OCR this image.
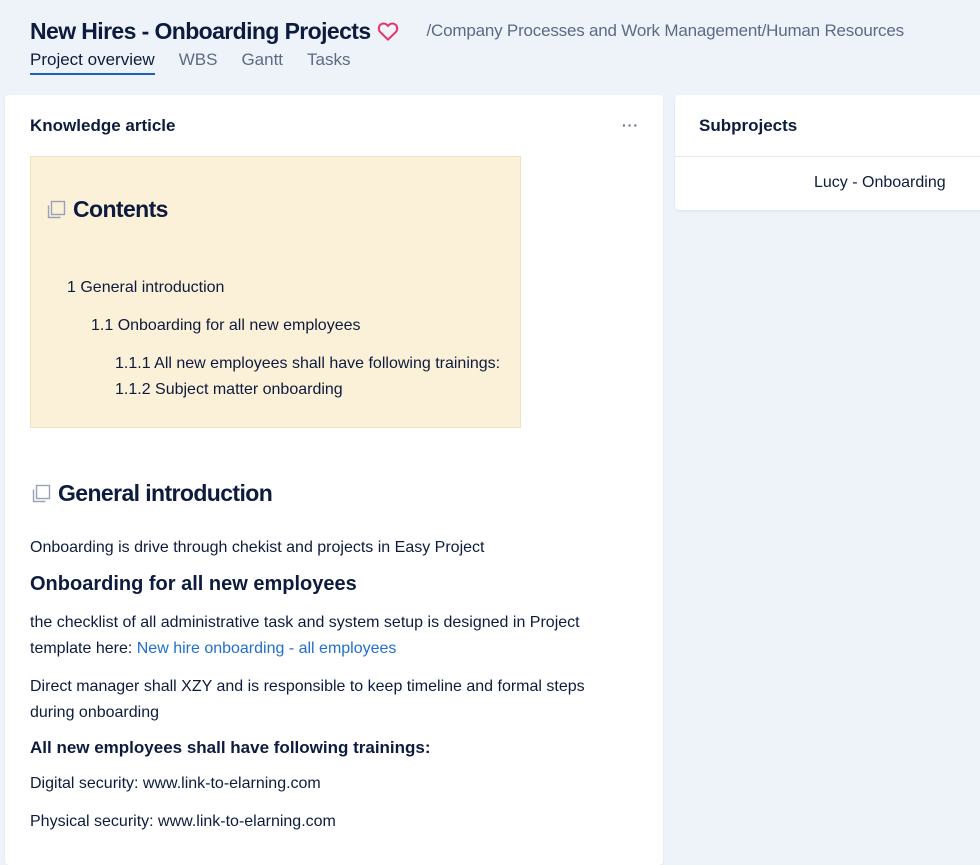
New Hires - Onboarding Projects	/Company Processes and Work Management/Human Resources
Project overview WBS Gantt Tasks
Knowledge article	···
Contents
1 General introduction
1.1 Onboarding for all new employees
1.1.1 All new employees shall have following trainings:
1.1.2 Subject matter onboarding
General introduction
Onboarding is drive through chekist and projects in Easy Project
Onboarding for all new employees
the checklist of all administrative task and system setup is designed in Project
template here: New hire onboarding - all employees
Direct manager shall XZY and is responsible to keep timeline and formal steps
during onboarding
All new employees shall have following trainings:
Digital security: www.link-to-elarning.com
Physical security: www.link-to-elarning.com
Subprojects
Lucy - Onboarding
